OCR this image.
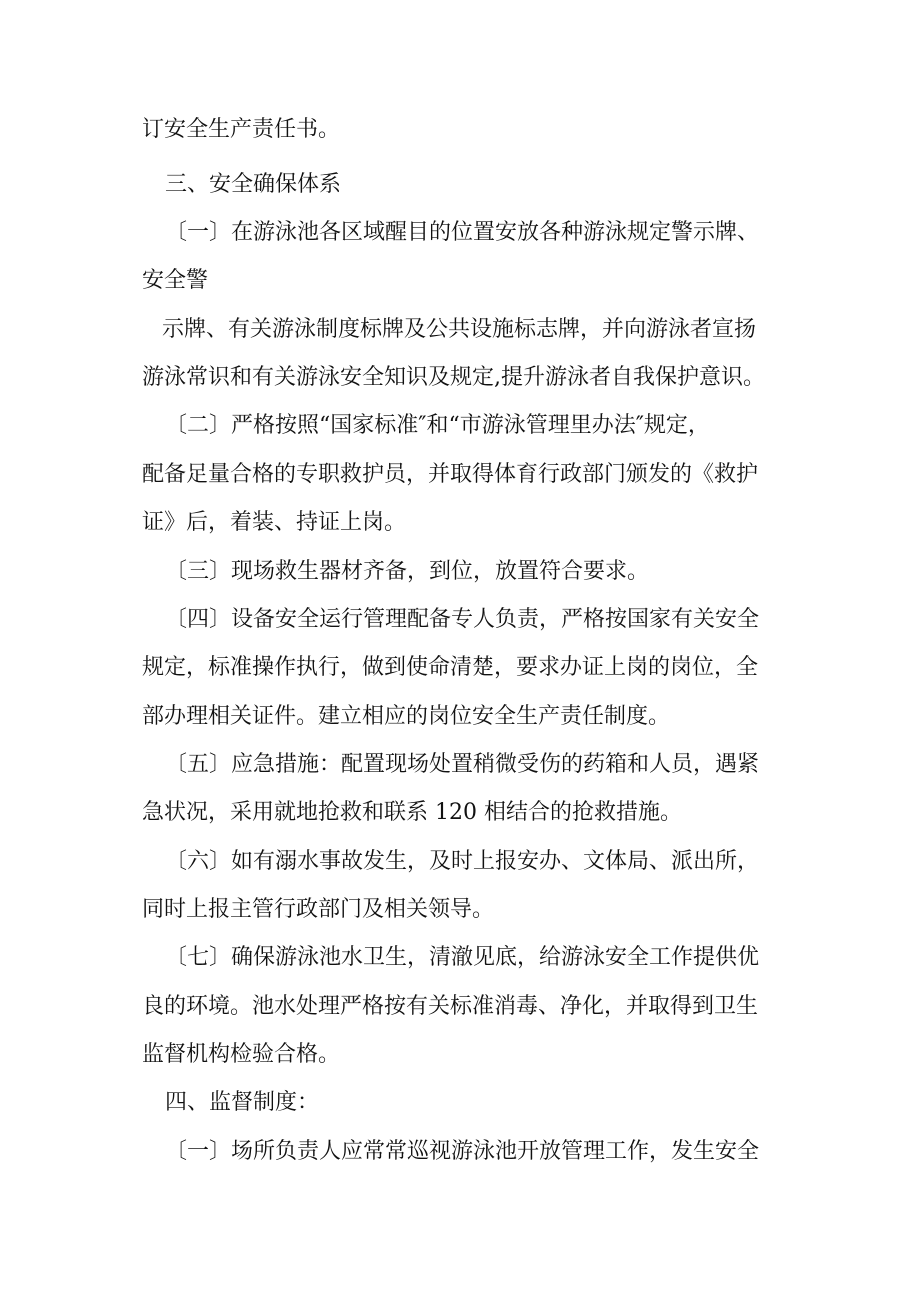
订安全生产责任书。
三、安全确保体系
〔一〕在游泳池各区域醒目的位置安放各种游泳规定警示牌、
安全警
示牌、有关游泳制度标牌及公共设施标志牌，并向游泳者宣扬
游泳常识和有关游泳安全知识及规定,提升游泳者自我保护意识。
〔二〕严格按照“国家标准″和“市游泳管理里办法″规定，
配备足量合格的专职救护员，并取得体育行政部门颁发的《救护
证》后，着装、持证上岗。
〔三〕现场救生器材齐备，到位，放置符合要求。
〔四〕设备安全运行管理配备专人负责，严格按国家有关安全
规定，标准操作执行，做到使命清楚，要求办证上岗的岗位，全
部办理相关证件。建立相应的岗位安全生产责任制度。
〔五〕应急措施：配置现场处置稍微受伤的药箱和人员，遇紧
急状况，采用就地抢救和联系 120 相结合的抢救措施。
〔六〕如有溺水事故发生，及时上报安办、文体局、派出所，
同时上报主管行政部门及相关领导。
〔七〕确保游泳池水卫生，清澈见底，给游泳安全工作提供优
良的环境。池水处理严格按有关标准消毒、净化，并取得到卫生
监督机构检验合格。
四、监督制度：
〔一〕场所负责人应常常巡视游泳池开放管理工作，发生安全
